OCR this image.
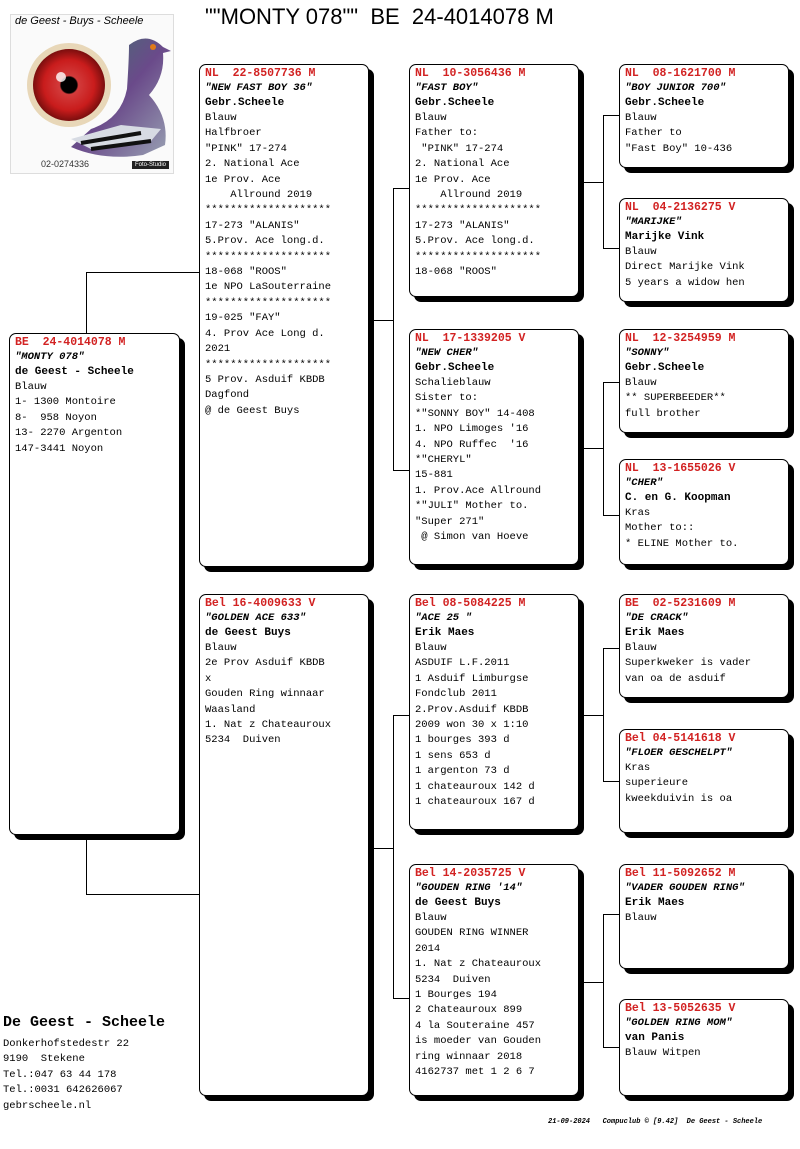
""MONTY 078""  BE  24-4014078 M
de Geest - Buys - Scheele
02-0274336	Foto-Studio
BE  24-4014078 M
"MONTY 078"
de Geest - Scheele
Blauw
1- 1300 Montoire
8-  958 Noyon
13- 2270 Argenton
147-3441 Noyon
NL  22-8507736 M
"NEW FAST BOY 36"
Gebr.Scheele
Blauw
Halfbroer
"PINK" 17-274
2. National Ace
1e Prov. Ace
Allround 2019
********************
17-273 "ALANIS"
5.Prov. Ace long.d.
********************
18-068 "ROOS"
1e NPO LaSouterraine
********************
19-025 "FAY"
4. Prov Ace Long d.
2021
********************
5 Prov. Asduif KBDB
Dagfond
@ de Geest Buys
Bel 16-4009633 V
"GOLDEN ACE 633"
de Geest Buys
Blauw
2e Prov Asduif KBDB
x
Gouden Ring winnaar
Waasland
1. Nat z Chateauroux
5234  Duiven
NL  10-3056436 M
"FAST BOY"
Gebr.Scheele
Blauw
Father to:
"PINK" 17-274
2. National Ace
1e Prov. Ace
Allround 2019
********************
17-273 "ALANIS"
5.Prov. Ace long.d.
********************
18-068 "ROOS"
NL  17-1339205 V
"NEW CHER"
Gebr.Scheele
Schalieblauw
Sister to:
*"SONNY BOY" 14-408
1. NPO Limoges '16
4. NPO Ruffec  '16
*"CHERYL"
15-881
1. Prov.Ace Allround
*"JULI" Mother to.
"Super 271"
@ Simon van Hoeve
Bel 08-5084225 M
"ACE 25 "
Erik Maes
Blauw
ASDUIF L.F.2011
1 Asduif Limburgse
Fondclub 2011
2.Prov.Asduif KBDB
2009 won 30 x 1:10
1 bourges 393 d
1 sens 653 d
1 argenton 73 d
1 chateauroux 142 d
1 chateauroux 167 d
Bel 14-2035725 V
"GOUDEN RING '14"
de Geest Buys
Blauw
GOUDEN RING WINNER
2014
1. Nat z Chateauroux
5234  Duiven
1 Bourges 194
2 Chateauroux 899
4 la Souteraine 457
is moeder van Gouden
ring winnaar 2018
4162737 met 1 2 6 7
NL  08-1621700 M
"BOY JUNIOR 700"
Gebr.Scheele
Blauw
Father to
"Fast Boy" 10-436
NL  04-2136275 V
"MARIJKE"
Marijke Vink
Blauw
Direct Marijke Vink
5 years a widow hen
NL  12-3254959 M
"SONNY"
Gebr.Scheele
Blauw
** SUPERBEEDER**
full brother
NL  13-1655026 V
"CHER"
C. en G. Koopman
Kras
Mother to::
* ELINE Mother to.
BE  02-5231609 M
"DE CRACK"
Erik Maes
Blauw
Superkweker is vader
van oa de asduif
Bel 04-5141618 V
"FLOER GESCHELPT"
Kras
superieure
kweekduivin is oa
Bel 11-5092652 M
"VADER GOUDEN RING"
Erik Maes
Blauw
Bel 13-5052635 V
"GOLDEN RING MOM"
van Panis
Blauw Witpen
De Geest - Scheele
Donkerhofstedestr 22
9190  Stekene
Tel.:047 63 44 178
Tel.:0031 642626067
gebrscheele.nl
21-09-2024   Compuclub © [9.42]  De Geest - Scheele
